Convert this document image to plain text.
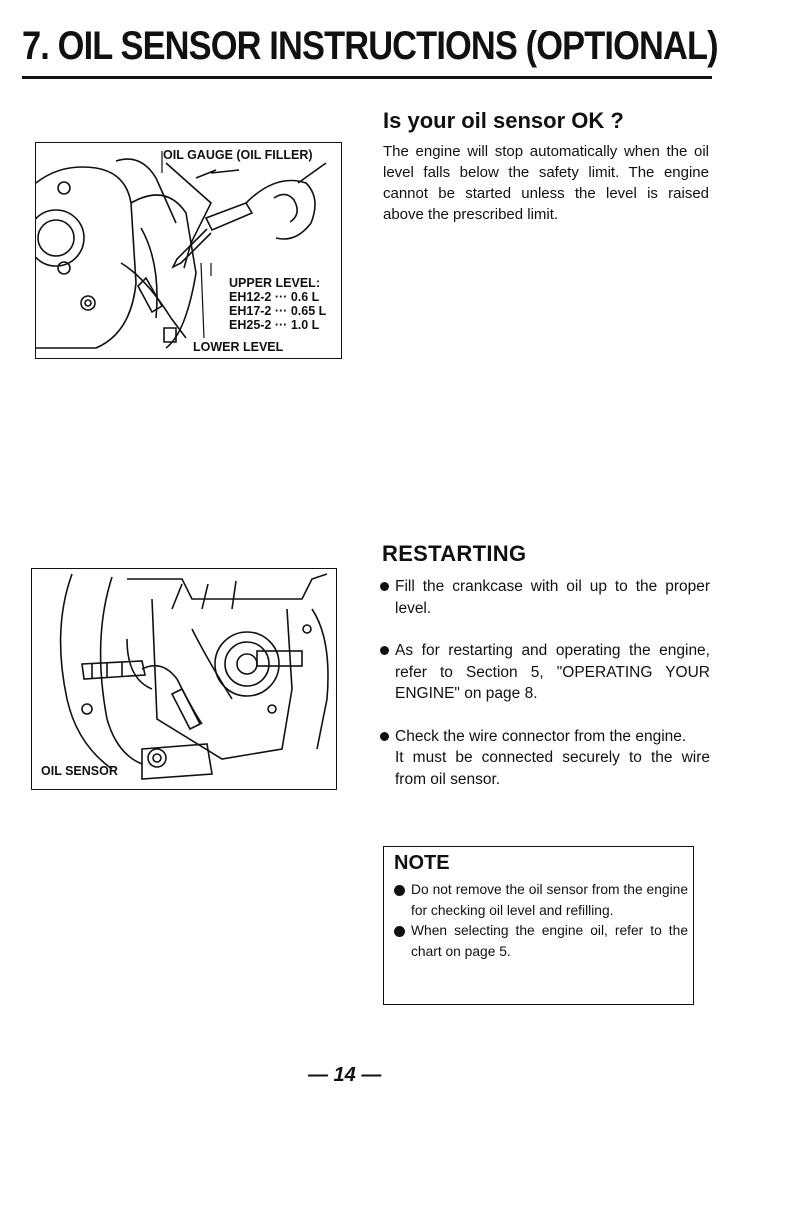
7. OIL SENSOR INSTRUCTIONS (OPTIONAL)
OIL GAUGE (OIL FILLER)
UPPER LEVEL:
EH12-2 ··· 0.6 L
EH17-2 ··· 0.65 L
EH25-2 ··· 1.0 L
LOWER LEVEL
OIL SENSOR
Is your oil sensor OK ?
The engine will stop automatically when the oil level falls below the safety limit. The engine cannot be started unless the level is raised above the prescribed limit.
RESTARTING
Fill the crankcase with oil up to the proper level.
As for restarting and operating the engine, refer to Section 5, "OPERATING YOUR ENGINE" on page 8.
Check the wire connector from the engine.
It must be connected securely to the wire from oil sensor.
NOTE
Do not remove the oil sensor from the engine for checking oil level and refilling.
When selecting the engine oil, refer to the chart on page 5.
— 14 —
